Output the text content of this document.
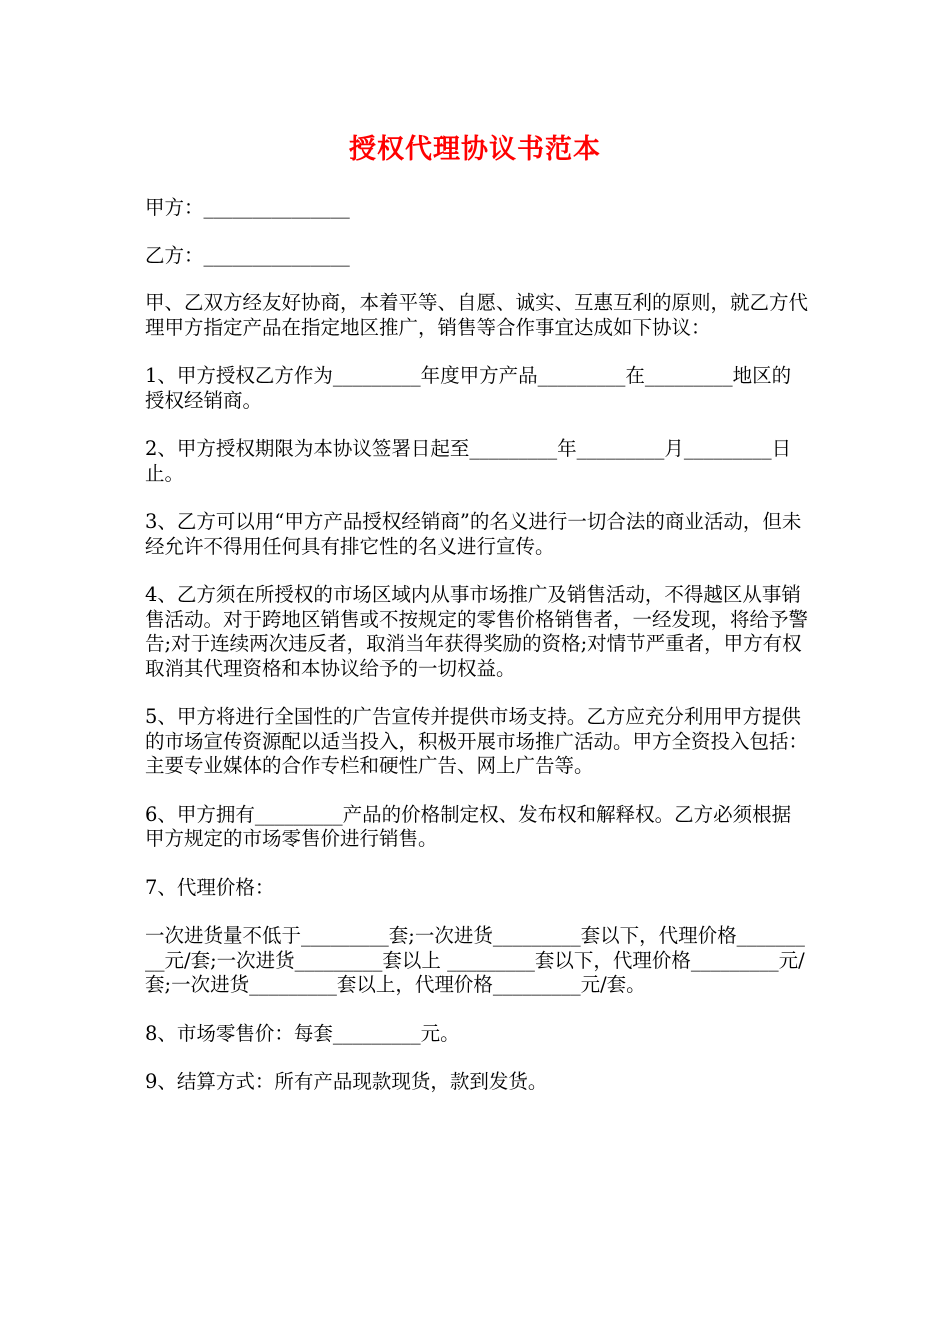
授权代理协议书范本

甲方：_______________

乙方：_______________

甲、乙双方经友好协商，本着平等、自愿、诚实、互惠互利的原则，就乙方代理甲方指定产品在指定地区推广，销售等合作事宜达成如下协议：

1、甲方授权乙方作为_________年度甲方产品_________在_________地区的授权经销商。

2、甲方授权期限为本协议签署日起至_________年_________月_________日止。

3、乙方可以用“甲方产品授权经销商”的名义进行一切合法的商业活动，但未经允许不得用任何具有排它性的名义进行宣传。

4、乙方须在所授权的市场区域内从事市场推广及销售活动，不得越区从事销售活动。对于跨地区销售或不按规定的零售价格销售者，一经发现，将给予警告;对于连续两次违反者，取消当年获得奖励的资格;对情节严重者，甲方有权取消其代理资格和本协议给予的一切权益。

5、甲方将进行全国性的广告宣传并提供市场支持。乙方应充分利用甲方提供的市场宣传资源配以适当投入，积极开展市场推广活动。甲方全资投入包括：主要专业媒体的合作专栏和硬性广告、网上广告等。

6、甲方拥有_________产品的价格制定权、发布权和解释权。乙方必须根据甲方规定的市场零售价进行销售。

7、代理价格：

一次进货量不低于_________套;一次进货_________套以下，代理价格_________元/套;一次进货_________套以上 _________套以下，代理价格_________元/套;一次进货_________套以上，代理价格_________元/套。

8、市场零售价：每套_________元。

9、结算方式：所有产品现款现货，款到发货。
